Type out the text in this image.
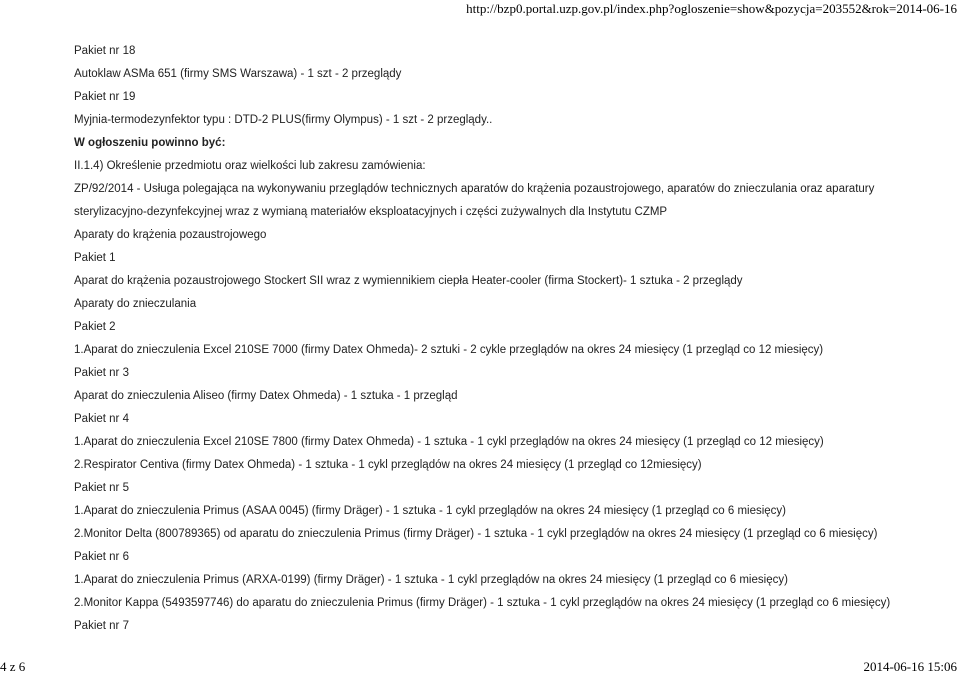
http://bzp0.portal.uzp.gov.pl/index.php?ogloszenie=show&pozycja=203552&rok=2014-06-16
Pakiet nr 18
Autoklaw ASMa 651 (firmy SMS Warszawa) - 1 szt - 2 przeglądy
Pakiet nr 19
Myjnia-termodezynfektor typu : DTD-2 PLUS(firmy Olympus) - 1 szt - 2 przeglądy..
W ogłoszeniu powinno być:
II.1.4) Określenie przedmiotu oraz wielkości lub zakresu zamówienia:
ZP/92/2014 - Usługa polegająca na wykonywaniu przeglądów technicznych aparatów do krążenia pozaustrojowego, aparatów do znieczulania oraz aparatury
sterylizacyjno-dezynfekcyjnej wraz z wymianą materiałów eksploatacyjnych i części zużywalnych dla Instytutu CZMP
Aparaty do krążenia pozaustrojowego
Pakiet 1
Aparat do krążenia pozaustrojowego Stockert SII wraz z wymiennikiem ciepła Heater-cooler (firma Stockert)- 1 sztuka - 2 przeglądy
Aparaty do znieczulania
Pakiet 2
1.Aparat do znieczulenia Excel 210SE 7000 (firmy Datex Ohmeda)- 2 sztuki - 2 cykle przeglądów na okres 24 miesięcy (1 przegląd co 12 miesięcy)
Pakiet nr 3
Aparat do znieczulenia Aliseo (firmy Datex Ohmeda) - 1 sztuka - 1 przegląd
Pakiet nr 4
1.Aparat do znieczulenia Excel 210SE 7800 (firmy Datex Ohmeda) - 1 sztuka - 1 cykl przeglądów na okres 24 miesięcy (1 przegląd co 12 miesięcy)
2.Respirator Centiva (firmy Datex Ohmeda) - 1 sztuka - 1 cykl przeglądów na okres 24 miesięcy (1 przegląd co 12miesięcy)
Pakiet nr 5
1.Aparat do znieczulenia Primus (ASAA 0045) (firmy Dräger) - 1 sztuka - 1 cykl przeglądów na okres 24 miesięcy (1 przegląd co 6 miesięcy)
2.Monitor Delta (800789365) od aparatu do znieczulenia Primus (firmy Dräger) - 1 sztuka - 1 cykl przeglądów na okres 24 miesięcy (1 przegląd co 6 miesięcy)
Pakiet nr 6
1.Aparat do znieczulenia Primus (ARXA-0199) (firmy Dräger) - 1 sztuka - 1 cykl przeglądów na okres 24 miesięcy (1 przegląd co 6 miesięcy)
2.Monitor Kappa (5493597746) do aparatu do znieczulenia Primus (firmy Dräger) - 1 sztuka - 1 cykl przeglądów na okres 24 miesięcy (1 przegląd co 6 miesięcy)
Pakiet nr 7
4 z 6	2014-06-16 15:06
